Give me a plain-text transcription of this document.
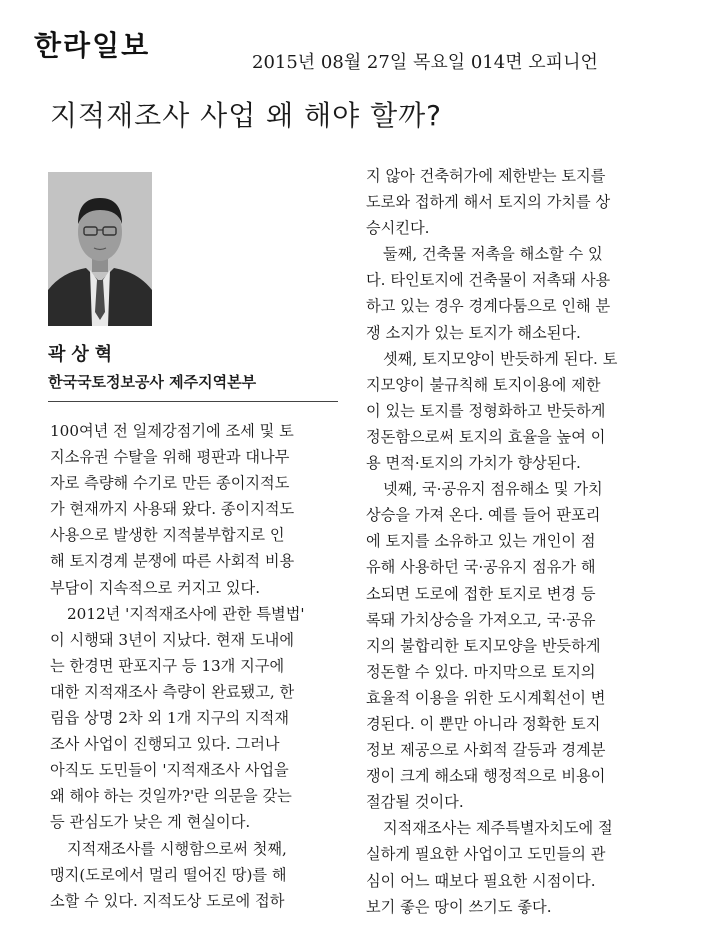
한라일보
2015년 08월 27일 목요일 014면 오피니언
지적재조사 사업 왜 해야 할까?
곽상혁
한국국토정보공사 제주지역본부
100여년 전 일제강점기에 조세 및 토
지소유권 수탈을 위해 평판과 대나무
자로 측량해 수기로 만든 종이지적도
가 현재까지 사용돼 왔다. 종이지적도
사용으로 발생한 지적불부합지로 인
해 토지경계 분쟁에 따른 사회적 비용
부담이 지속적으로 커지고 있다.
2012년 '지적재조사에 관한 특별법'
이 시행돼 3년이 지났다. 현재 도내에
는 한경면 판포지구 등 13개 지구에
대한 지적재조사 측량이 완료됐고, 한
림읍 상명 2차 외 1개 지구의 지적재
조사 사업이 진행되고 있다. 그러나
아직도 도민들이 '지적재조사 사업을
왜 해야 하는 것일까?'란 의문을 갖는
등 관심도가 낮은 게 현실이다.
지적재조사를 시행함으로써 첫째,
맹지(도로에서 멀리 떨어진 땅)를 해
소할 수 있다. 지적도상 도로에 접하
지 않아 건축허가에 제한받는 토지를
도로와 접하게 해서 토지의 가치를 상
승시킨다.
둘째, 건축물 저촉을 해소할 수 있
다. 타인토지에 건축물이 저촉돼 사용
하고 있는 경우 경계다툼으로 인해 분
쟁 소지가 있는 토지가 해소된다.
셋째, 토지모양이 반듯하게 된다. 토
지모양이 불규칙해 토지이용에 제한
이 있는 토지를 정형화하고 반듯하게
정돈함으로써 토지의 효율을 높여 이
용 면적·토지의 가치가 향상된다.
넷째, 국·공유지 점유해소 및 가치
상승을 가져 온다. 예를 들어 판포리
에 토지를 소유하고 있는 개인이 점
유해 사용하던 국·공유지 점유가 해
소되면 도로에 접한 토지로 변경 등
록돼 가치상승을 가져오고, 국·공유
지의 불합리한 토지모양을 반듯하게
정돈할 수 있다. 마지막으로 토지의
효율적 이용을 위한 도시계획선이 변
경된다. 이 뿐만 아니라 정확한 토지
정보 제공으로 사회적 갈등과 경계분
쟁이 크게 해소돼 행정적으로 비용이
절감될 것이다.
지적재조사는 제주특별자치도에 절
실하게 필요한 사업이고 도민들의 관
심이 어느 때보다 필요한 시점이다.
보기 좋은 땅이 쓰기도 좋다.
